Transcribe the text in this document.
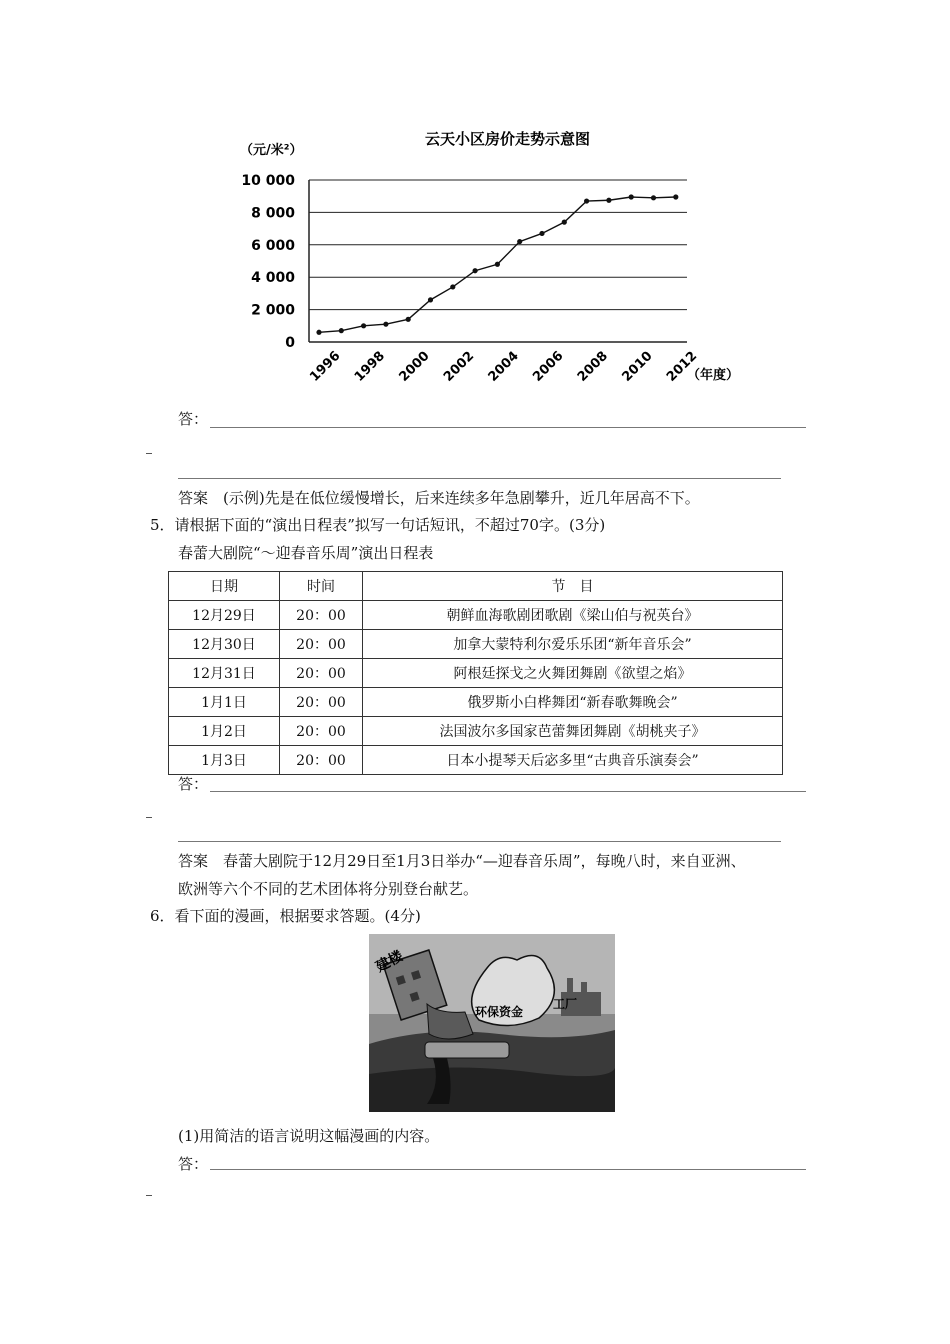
云天小区房价走势示意图
（元/米²）
10 000
8 000
6 000
4 000
2 000
0
1996 1998 2000 2002 2004 2006 2008 2010 2012
（年度）
答：
答案　(示例)先是在低位缓慢增长，后来连续多年急剧攀升，近几年居高不下。
5．请根据下面的“演出日程表”拟写一句话短讯，不超过70字。(3分)
春蕾大剧院“～迎春音乐周”演出日程表
日期	时间	节　目
12月29日	20：00	朝鲜血海歌剧团歌剧《梁山伯与祝英台》
12月30日	20：00	加拿大蒙特利尔爱乐乐团“新年音乐会”
12月31日	20：00	阿根廷探戈之火舞团舞剧《欲望之焰》
1月1日	20：00	俄罗斯小白桦舞团“新春歌舞晚会”
1月2日	20：00	法国波尔多国家芭蕾舞团舞剧《胡桃夹子》
1月3日	20：00	日本小提琴天后宓多里“古典音乐演奏会”
答：
答案　春蕾大剧院于12月29日至1月3日举办“—迎春音乐周”，每晚八时，来自亚洲、
欧洲等六个不同的艺术团体将分别登台献艺。
6．看下面的漫画，根据要求答题。(4分)
建楼
环保资金
工厂
(1)用简洁的语言说明这幅漫画的内容。
答：
